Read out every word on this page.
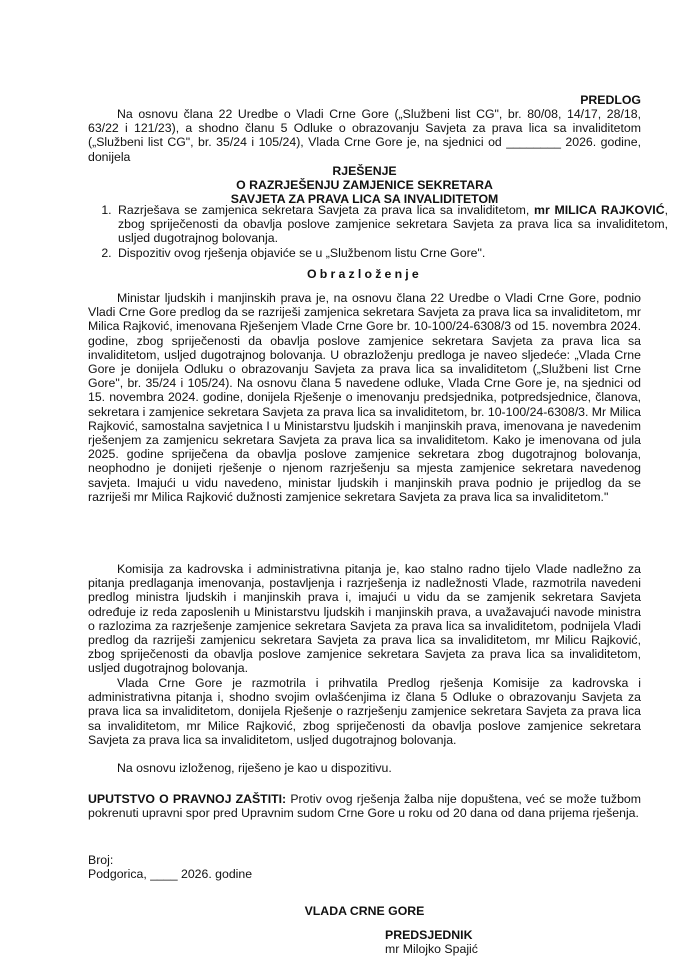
PREDLOG

Na osnovu člana 22 Uredbe o Vladi Crne Gore („Službeni list CG", br. 80/08, 14/17, 28/18, 63/22 i 121/23), a shodno članu 5 Odluke o obrazovanju Savjeta za prava lica sa invaliditetom („Službeni list CG", br. 35/24 i 105/24), Vlada Crne Gore je, na sjednici od ________ 2026. godine, donijela

RJEŠENJE
O RAZRJEŠENJU ZAMJENICE SEKRETARA
SAVJETA ZA PRAVA LICA SA INVALIDITETOM
1. Razrješava se zamjenica sekretara Savjeta za prava lica sa invaliditetom, mr MILICA RAJKOVIĆ, zbog spriječenosti da obavlja poslove zamjenice sekretara Savjeta za prava lica sa invaliditetom, usljed dugotrajnog bolovanja.
2. Dispozitiv ovog rješenja objaviće se u „Službenom listu Crne Gore".
Obrazloženje

Ministar ljudskih i manjinskih prava je, na osnovu člana 22 Uredbe o Vladi Crne Gore, podnio Vladi Crne Gore predlog da se razriješi zamjenica sekretara Savjeta za prava lica sa invaliditetom, mr Milica Rajković, imenovana Rješenjem Vlade Crne Gore br. 10-100/24-6308/3 od 15. novembra 2024. godine, zbog spriječenosti da obavlja poslove zamjenice sekretara Savjeta za prava lica sa invaliditetom, usljed dugotrajnog bolovanja. U obrazloženju predloga je naveo sljedeće: „Vlada Crne Gore je donijela Odluku o obrazovanju Savjeta za prava lica sa invaliditetom („Službeni list Crne Gore", br. 35/24 i 105/24). Na osnovu člana 5 navedene odluke, Vlada Crne Gore je, na sjednici od 15. novembra 2024. godine, donijela Rješenje o imenovanju predsjednika, potpredsjednice, članova, sekretara i zamjenice sekretara Savjeta za prava lica sa invaliditetom, br. 10-100/24-6308/3. Mr Milica Rajković, samostalna savjetnica I u Ministarstvu ljudskih i manjinskih prava, imenovana je navedenim rješenjem za zamjenicu sekretara Savjeta za prava lica sa invaliditetom. Kako je imenovana od jula 2025. godine spriječena da obavlja poslove zamjenice sekretara zbog dugotrajnog bolovanja, neophodno je donijeti rješenje o njenom razrješenju sa mjesta zamjenice sekretara navedenog savjeta. Imajući u vidu navedeno, ministar ljudskih i manjinskih prava podnio je prijedlog da se razriješi mr Milica Rajković dužnosti zamjenice sekretara Savjeta za prava lica sa invaliditetom."

Komisija za kadrovska i administrativna pitanja je, kao stalno radno tijelo Vlade nadležno za pitanja predlaganja imenovanja, postavljenja i razrješenja iz nadležnosti Vlade, razmotrila navedeni predlog ministra ljudskih i manjinskih prava i, imajući u vidu da se zamjenik sekretara Savjeta određuje iz reda zaposlenih u Ministarstvu ljudskih i manjinskih prava, a uvažavajući navode ministra o razlozima za razrješenje zamjenice sekretara Savjeta za prava lica sa invaliditetom, podnijela Vladi predlog da razriješi zamjenicu sekretara Savjeta za prava lica sa invaliditetom, mr Milicu Rajković, zbog spriječenosti da obavlja poslove zamjenice sekretara Savjeta za prava lica sa invaliditetom, usljed dugotrajnog bolovanja.

Vlada Crne Gore je razmotrila i prihvatila Predlog rješenja Komisije za kadrovska i administrativna pitanja i, shodno svojim ovlašćenjima iz člana 5 Odluke o obrazovanju Savjeta za prava lica sa invaliditetom, donijela Rješenje o razrješenju zamjenice sekretara Savjeta za prava lica sa invaliditetom, mr Milice Rajković, zbog spriječenosti da obavlja poslove zamjenice sekretara Savjeta za prava lica sa invaliditetom, usljed dugotrajnog bolovanja.

Na osnovu izloženog, riješeno je kao u dispozitivu.

UPUTSTVO O PRAVNOJ ZAŠTITI: Protiv ovog rješenja žalba nije dopuštena, već se može tužbom pokrenuti upravni spor pred Upravnim sudom Crne Gore u roku od 20 dana od dana prijema rješenja.

Broj:
Podgorica, ____ 2026. godine
VLADA CRNE GORE
PREDSJEDNIK
mr Milojko Spajić
